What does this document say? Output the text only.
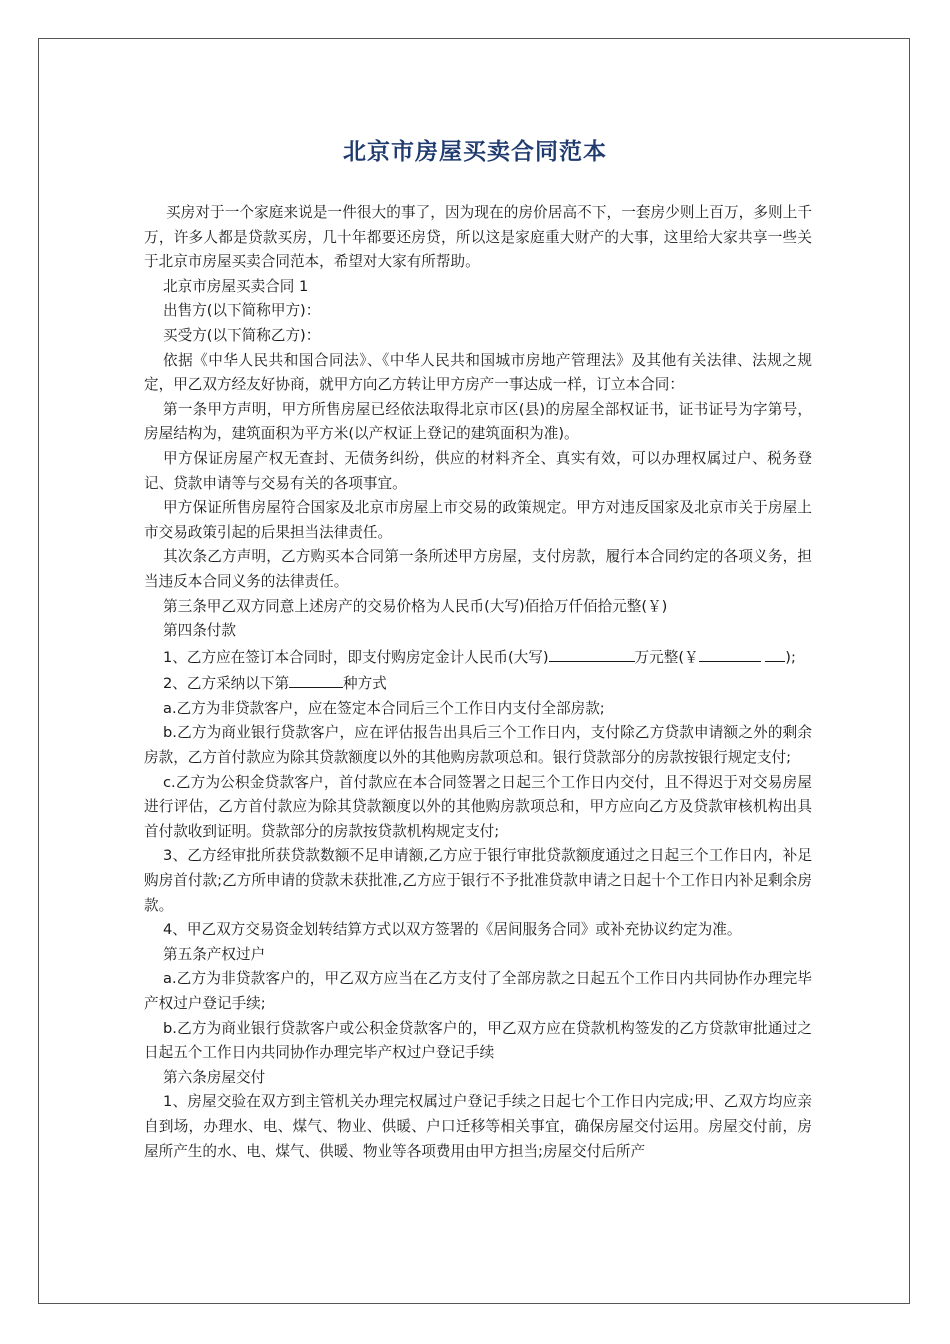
北京市房屋买卖合同范本

买房对于一个家庭来说是一件很大的事了，因为现在的房价居高不下，一套房少则上百万，多则上千万，许多人都是贷款买房，几十年都要还房贷，所以这是家庭重大财产的大事，这里给大家共享一些关于北京市房屋买卖合同范本，希望对大家有所帮助。

北京市房屋买卖合同 1

出售方(以下简称甲方)：

买受方(以下简称乙方)：

依据《中华人民共和国合同法》、《中华人民共和国城市房地产管理法》及其他有关法律、法规之规定，甲乙双方经友好协商，就甲方向乙方转让甲方房产一事达成一样，订立本合同：

第一条甲方声明，甲方所售房屋已经依法取得北京市区(县)的房屋全部权证书，证书证号为字第号，房屋结构为，建筑面积为平方米(以产权证上登记的建筑面积为准)。

甲方保证房屋产权无查封、无债务纠纷，供应的材料齐全、真实有效，可以办理权属过户、税务登记、贷款申请等与交易有关的各项事宜。

甲方保证所售房屋符合国家及北京市房屋上市交易的政策规定。甲方对违反国家及北京市关于房屋上市交易政策引起的后果担当法律责任。

其次条乙方声明，乙方购买本合同第一条所述甲方房屋，支付房款，履行本合同约定的各项义务，担当违反本合同义务的法律责任。

第三条甲乙双方同意上述房产的交易价格为人民币(大写)佰拾万仟佰拾元整(￥)

第四条付款

1、乙方应在签订本合同时，即支付购房定金计人民币(大写)	万元整(￥	);

2、乙方采纳以下第	种方式

a.乙方为非贷款客户，应在签定本合同后三个工作日内支付全部房款;

b.乙方为商业银行贷款客户，应在评估报告出具后三个工作日内，支付除乙方贷款申请额之外的剩余房款，乙方首付款应为除其贷款额度以外的其他购房款项总和。银行贷款部分的房款按银行规定支付;

c.乙方为公积金贷款客户，首付款应在本合同签署之日起三个工作日内交付，且不得迟于对交易房屋进行评估，乙方首付款应为除其贷款额度以外的其他购房款项总和，甲方应向乙方及贷款审核机构出具首付款收到证明。贷款部分的房款按贷款机构规定支付;

3、乙方经审批所获贷款数额不足申请额,乙方应于银行审批贷款额度通过之日起三个工作日内，补足购房首付款;乙方所申请的贷款未获批准,乙方应于银行不予批准贷款申请之日起十个工作日内补足剩余房款。

4、甲乙双方交易资金划转结算方式以双方签署的《居间服务合同》或补充协议约定为准。

第五条产权过户

a.乙方为非贷款客户的，甲乙双方应当在乙方支付了全部房款之日起五个工作日内共同协作办理完毕产权过户登记手续;

b.乙方为商业银行贷款客户或公积金贷款客户的，甲乙双方应在贷款机构签发的乙方贷款审批通过之日起五个工作日内共同协作办理完毕产权过户登记手续

第六条房屋交付

1、房屋交验在双方到主管机关办理完权属过户登记手续之日起七个工作日内完成;甲、乙双方均应亲自到场，办理水、电、煤气、物业、供暖、户口迁移等相关事宜，确保房屋交付运用。房屋交付前，房屋所产生的水、电、煤气、供暖、物业等各项费用由甲方担当;房屋交付后所产
